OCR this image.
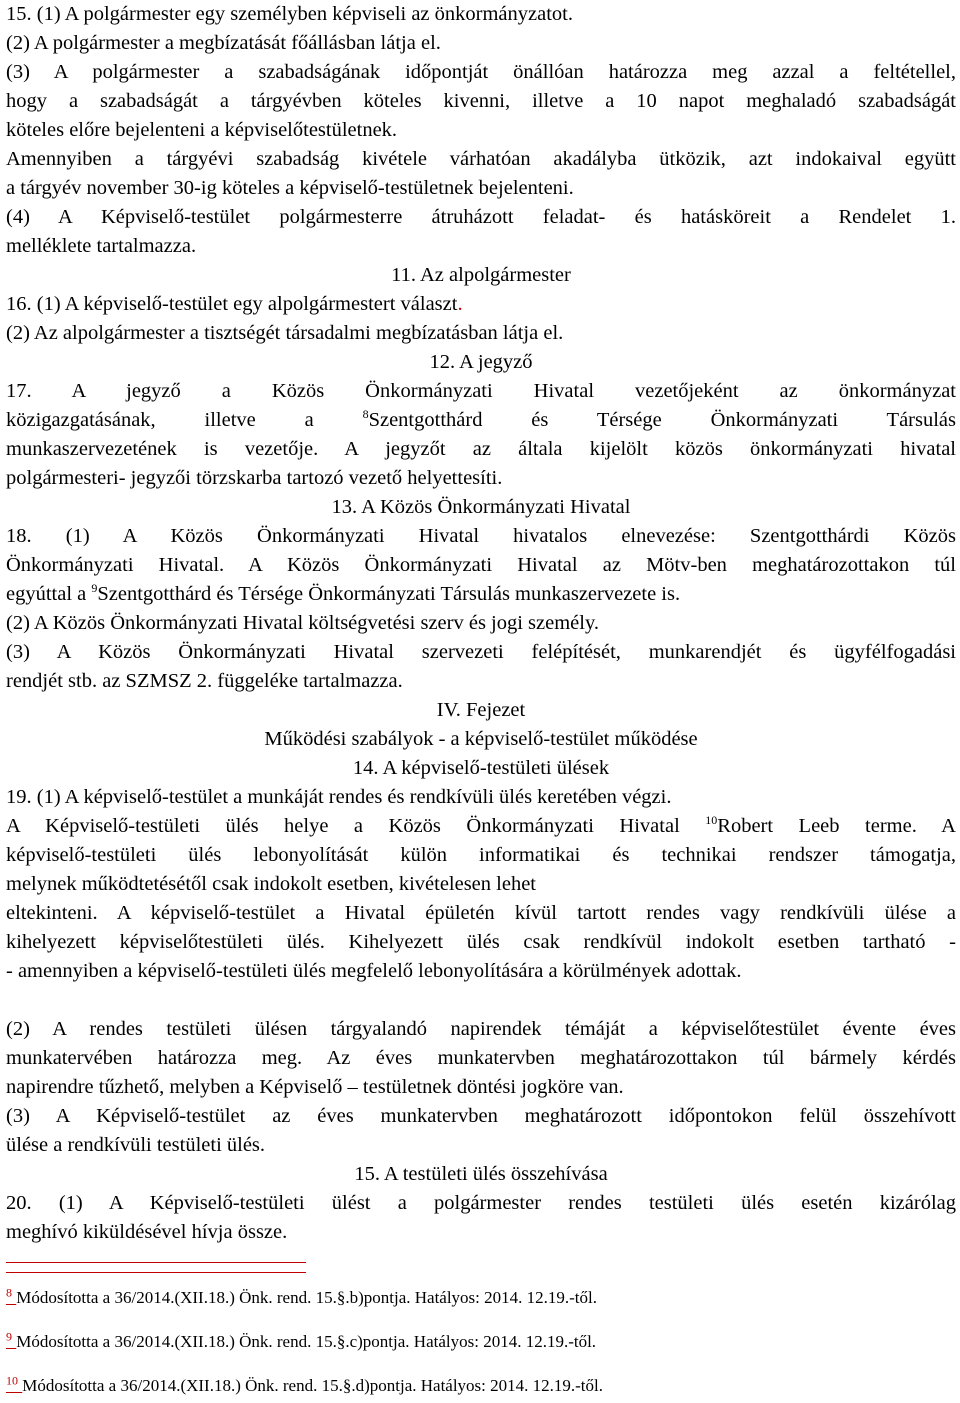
15. (1) A polgármester egy személyben képviseli az önkormányzatot.
(2) A polgármester a megbízatását főállásban látja el.
(3) A polgármester a szabadságának időpontját önállóan határozza meg azzal a feltétellel,
hogy a szabadságát a tárgyévben köteles kivenni, illetve a 10 napot meghaladó szabadságát
köteles előre bejelenteni a képviselőtestületnek.
Amennyiben a tárgyévi szabadság kivétele várhatóan akadályba ütközik, azt indokaival együtt
a tárgyév november 30-ig köteles a képviselő-testületnek bejelenteni.
(4) A Képviselő-testület polgármesterre átruházott feladat- és hatásköreit a Rendelet 1.
melléklete tartalmazza.
11. Az alpolgármester
16. (1) A képviselő-testület egy alpolgármestert választ.
(2) Az alpolgármester a tisztségét társadalmi megbízatásban látja el.
12. A jegyző
17. A jegyző a Közös Önkormányzati Hivatal vezetőjeként az önkormányzat
közigazgatásának, illetve a	$^8$Szentgotthárd és Térsége Önkormányzati Társulás
munkaszervezetének is vezetője. A jegyzőt az általa kijelölt közös önkormányzati hivatal
polgármesteri- jegyzői törzskarba tartozó vezető helyettesíti.
13. A Közös Önkormányzati Hivatal
18. (1) A Közös Önkormányzati Hivatal hivatalos elnevezése: Szentgotthárdi Közös
Önkormányzati Hivatal. A Közös Önkormányzati Hivatal az Mötv-ben meghatározottakon túl
egyúttal a $^9$Szentgotthárd és Térsége Önkormányzati Társulás munkaszervezete is.
(2) A Közös Önkormányzati Hivatal költségvetési szerv és jogi személy.
(3) A Közös Önkormányzati Hivatal szervezeti felépítését, munkarendjét és ügyfélfogadási
rendjét stb. az SZMSZ 2. függeléke tartalmazza.
IV. Fejezet
Működési szabályok - a képviselő-testület működése
14. A képviselő-testületi ülések
19. (1) A képviselő-testület a munkáját rendes és rendkívüli ülés keretében végzi.
A Képviselő-testületi ülés helye a Közös Önkormányzati Hivatal $^{10}$Robert Leeb terme. A
képviselő-testületi ülés lebonyolítását külön informatikai és technikai rendszer támogatja,
melynek működtetésétől csak indokolt esetben, kivételesen lehet
eltekinteni. A képviselő-testület a Hivatal épületén kívül tartott rendes vagy rendkívüli ülése a
kihelyezett képviselőtestületi ülés. Kihelyezett ülés csak rendkívül indokolt esetben tartható -
- amennyiben a képviselő-testületi ülés megfelelő lebonyolítására a körülmények adottak.
(2) A rendes testületi ülésen tárgyalandó napirendek témáját a képviselőtestület évente éves
munkatervében határozza meg. Az éves munkatervben meghatározottakon túl bármely kérdés
napirendre tűzhető, melyben a Képviselő – testületnek döntési jogköre van.
(3) A Képviselő-testület az éves munkatervben meghatározott időpontokon felül összehívott
ülése a rendkívüli testületi ülés.
15. A testületi ülés összehívása
20. (1) A Képviselő-testületi ülést a polgármester rendes testületi ülés esetén kizárólag
meghívó kiküldésével hívja össze.
$^8$ Módosította a 36/2014.(XII.18.) Önk. rend. 15.§.b)pontja. Hatályos: 2014. 12.19.-től.
$^9$ Módosította a 36/2014.(XII.18.) Önk. rend. 15.§.c)pontja. Hatályos: 2014. 12.19.-től.
$^{10}$ Módosította a 36/2014.(XII.18.) Önk. rend. 15.§.d)pontja. Hatályos: 2014. 12.19.-től.
